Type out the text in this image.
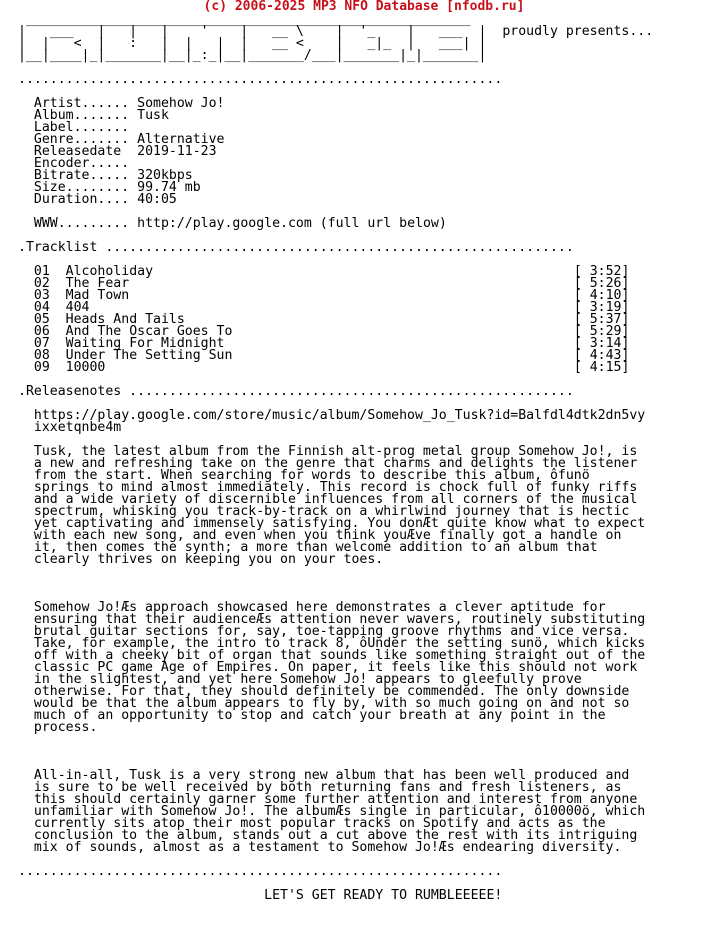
(c) 2006-2025 MP3 NFO Database [nfodb.ru]
________________________________________________________
|   ___   |   |   |    '    |   __ \    |  '_    |   ___  | proudly presents...
|  |   <  |   :   |  |   |  |   __ <    |   _|_  |   ___| |
|__|____|_|_______|__|_:_|__|_______/___|_______|_|_______|

.............................................................

Artist...... Somehow Jo!
Album....... Tusk
Label.......
Genre....... Alternative
Releasedate  2019-11-23
Encoder.....
Bitrate..... 320kbps
Size........ 99.74 mb
Duration.... 40:05

WWW......... http://play.google.com (full url below)

.Tracklist ...........................................................

01 Alcoholiday                                                     [ 3:52]
02 The Fear                                                        [ 5:26]
03 Mad Town                                                        [ 4:10]
04 404                                                             [ 3:19]
05 Heads And Tails                                                 [ 5:37]
06 And The Oscar Goes To                                           [ 5:29]
07 Waiting For Midnight                                            [ 3:14]
08 Under The Setting Sun                                           [ 4:43]
09 10000                                                           [ 4:15]

.Releasenotes ........................................................

https://play.google.com/store/music/album/Somehow_Jo_Tusk?id=Balfdl4dtk2dn5vy
ixxetqnbe4m

Tusk, the latest album from the Finnish alt-prog metal group Somehow Jo!, is
a new and refreshing take on the genre that charms and delights the listener
from the start. When searching for words to describe this album, ôfunö
springs to mind almost immediately. This record is chock full of funky riffs
and a wide variety of discernible influences from all corners of the musical
spectrum, whisking you track-by-track on a whirlwind journey that is hectic
yet captivating and immensely satisfying. You donÆt quite know what to expect
with each new song, and even when you think youÆve finally got a handle on
it, then comes the synth; a more than welcome addition to an album that
clearly thrives on keeping you on your toes.

Somehow Jo!Æs approach showcased here demonstrates a clever aptitude for
ensuring that their audienceÆs attention never wavers, routinely substituting
brutal guitar sections for, say, toe-tapping groove rhythms and vice versa.
Take, for example, the intro to track 8, ôUnder the setting sunö, which kicks
off with a cheeky bit of organ that sounds like something straight out of the
classic PC game Age of Empires. On paper, it feels like this should not work
in the slightest, and yet here Somehow Jo! appears to gleefully prove
otherwise. For that, they should definitely be commended. The only downside
would be that the album appears to fly by, with so much going on and not so
much of an opportunity to stop and catch your breath at any point in the
process.

All-in-all, Tusk is a very strong new album that has been well produced and
is sure to be well received by both returning fans and fresh listeners, as
this should certainly garner some further attention and interest from anyone
unfamiliar with Somehow Jo!. The albumÆs single in particular, ô10000ö, which
currently sits atop their most popular tracks on Spotify and acts as the
conclusion to the album, stands out a cut above the rest with its intriguing
mix of sounds, almost as a testament to Somehow Jo!Æs endearing diversity.

.............................................................

LET'S GET READY TO RUMBLEEEEE!
